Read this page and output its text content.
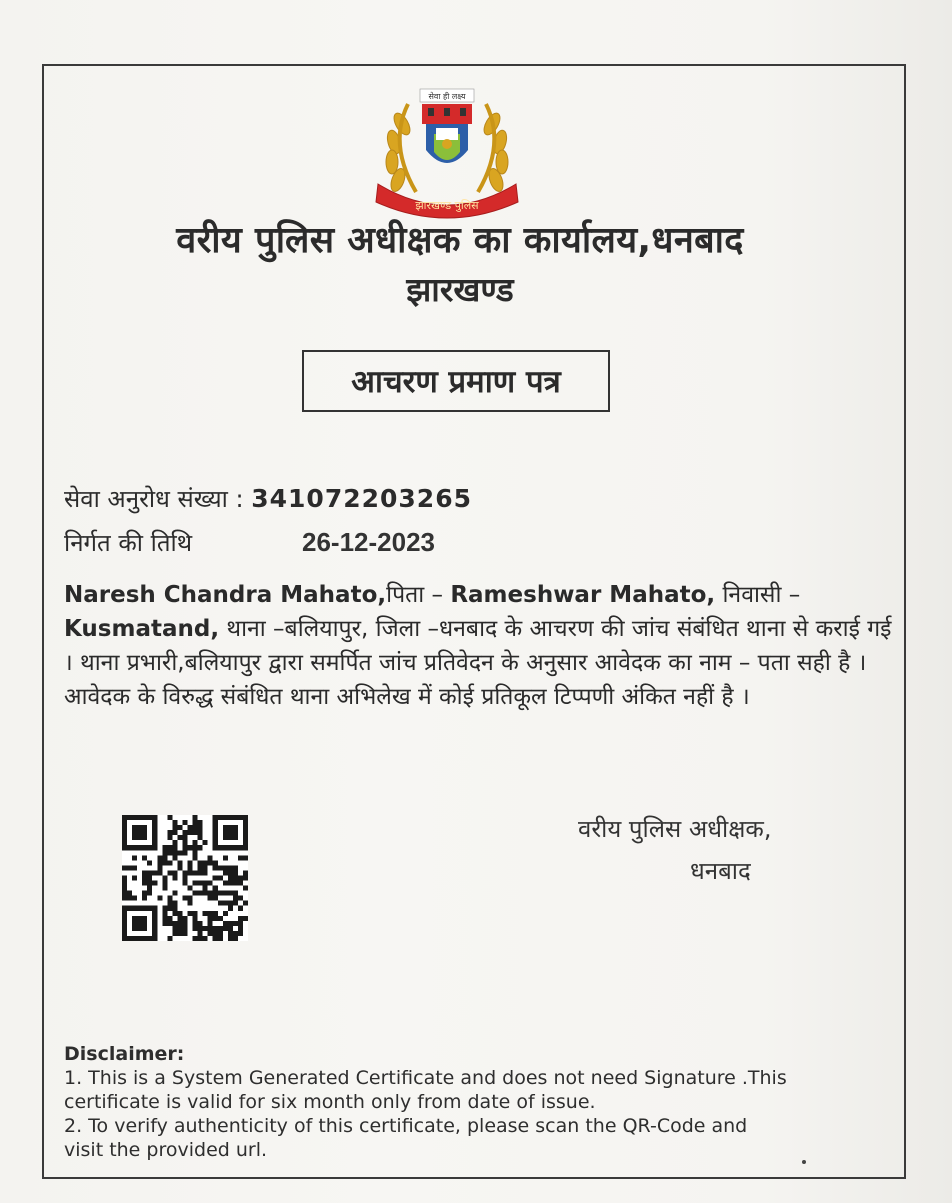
सेवा ही लक्ष्य
झारखण्ड पुलिस
वरीय पुलिस अधीक्षक का कार्यालय,धनबाद
झारखण्ड
आचरण प्रमाण पत्र
सेवा अनुरोध संख्या : 341072203265
निर्गत की तिथि	26-12-2023
Naresh Chandra Mahato,पिता – Rameshwar Mahato, निवासी – Kusmatand, थाना –बलियापुर, जिला –धनबाद के आचरण की जांच संबंधित थाना से कराई गई । थाना प्रभारी,बलियापुर द्वारा समर्पित जांच प्रतिवेदन के अनुसार आवेदक का नाम – पता सही है । आवेदक के विरुद्ध संबंधित थाना अभिलेख में कोई प्रतिकूल टिप्पणी अंकित नहीं है ।
वरीय पुलिस अधीक्षक,
धनबाद
Disclaimer:
1. This is a System Generated Certificate and does not need Signature .This
certificate is valid for six month only from date of issue.
2. To verify authenticity of this certificate, please scan the QR-Code and
visit the provided url.
